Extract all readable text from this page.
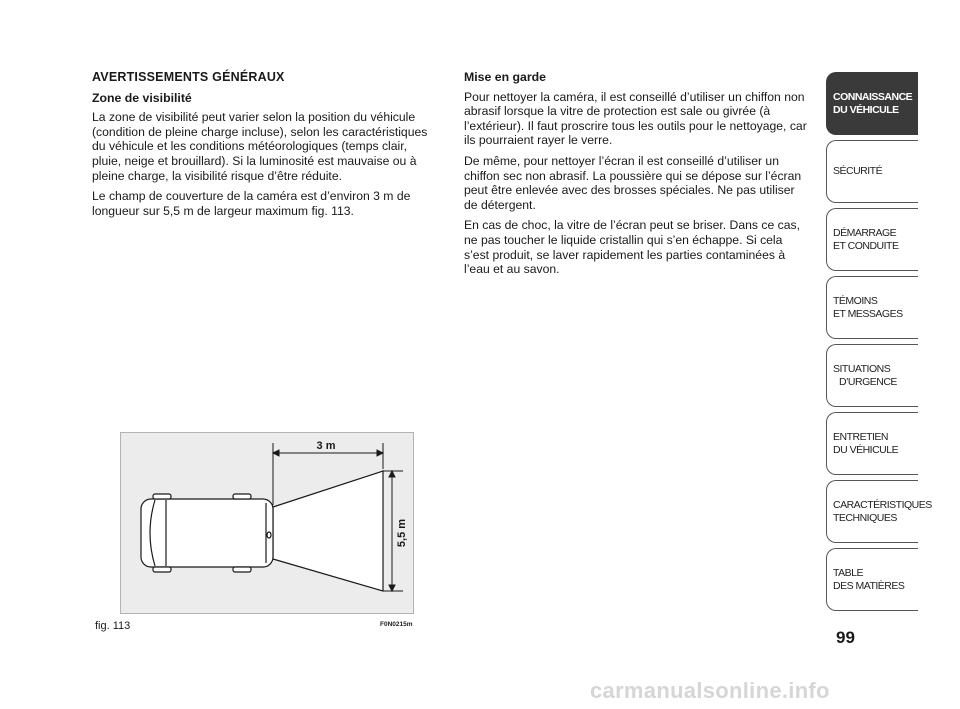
AVERTISSEMENTS GÉNÉRAUX

Zone de visibilité

La zone de visibilité peut varier selon la position du véhicule (condition de pleine charge incluse), selon les caractéristiques du véhicule et les conditions météorologiques (temps clair, pluie, neige et brouillard). Si la luminosité est mauvaise ou à pleine charge, la visibilité risque d’être réduite.

Le champ de couverture de la caméra est d’environ 3 m de longueur sur 5,5 m de largeur maximum fig. 113.

Mise en garde

Pour nettoyer la caméra, il est conseillé d’utiliser un chiffon non abrasif lorsque la vitre de protection est sale ou givrée (à l’extérieur). Il faut proscrire tous les outils pour le nettoyage, car ils pourraient rayer le verre.

De même, pour nettoyer l’écran il est conseillé d’utiliser un chiffon sec non abrasif. La poussière qui se dépose sur l’écran peut être enlevée avec des brosses spéciales. Ne pas utiliser de détergent.

En cas de choc, la vitre de l’écran peut se briser. Dans ce cas, ne pas toucher le liquide cristallin qui s’en échappe. Si cela s’est produit, se laver rapidement les parties contaminées à l’eau et au savon.

3 m
5,5 m
fig. 113	F0N0215m
CONNAISSANCE
DU VÉHICULE
SÉCURITÉ
DÉMARRAGE
ET CONDUITE
TÉMOINS
ET MESSAGES
SITUATIONS
D’URGENCE
ENTRETIEN
DU VÉHICULE
CARACTÉRISTIQUES
TECHNIQUES
TABLE
DES MATIÈRES
99
carmanualsonline.info
